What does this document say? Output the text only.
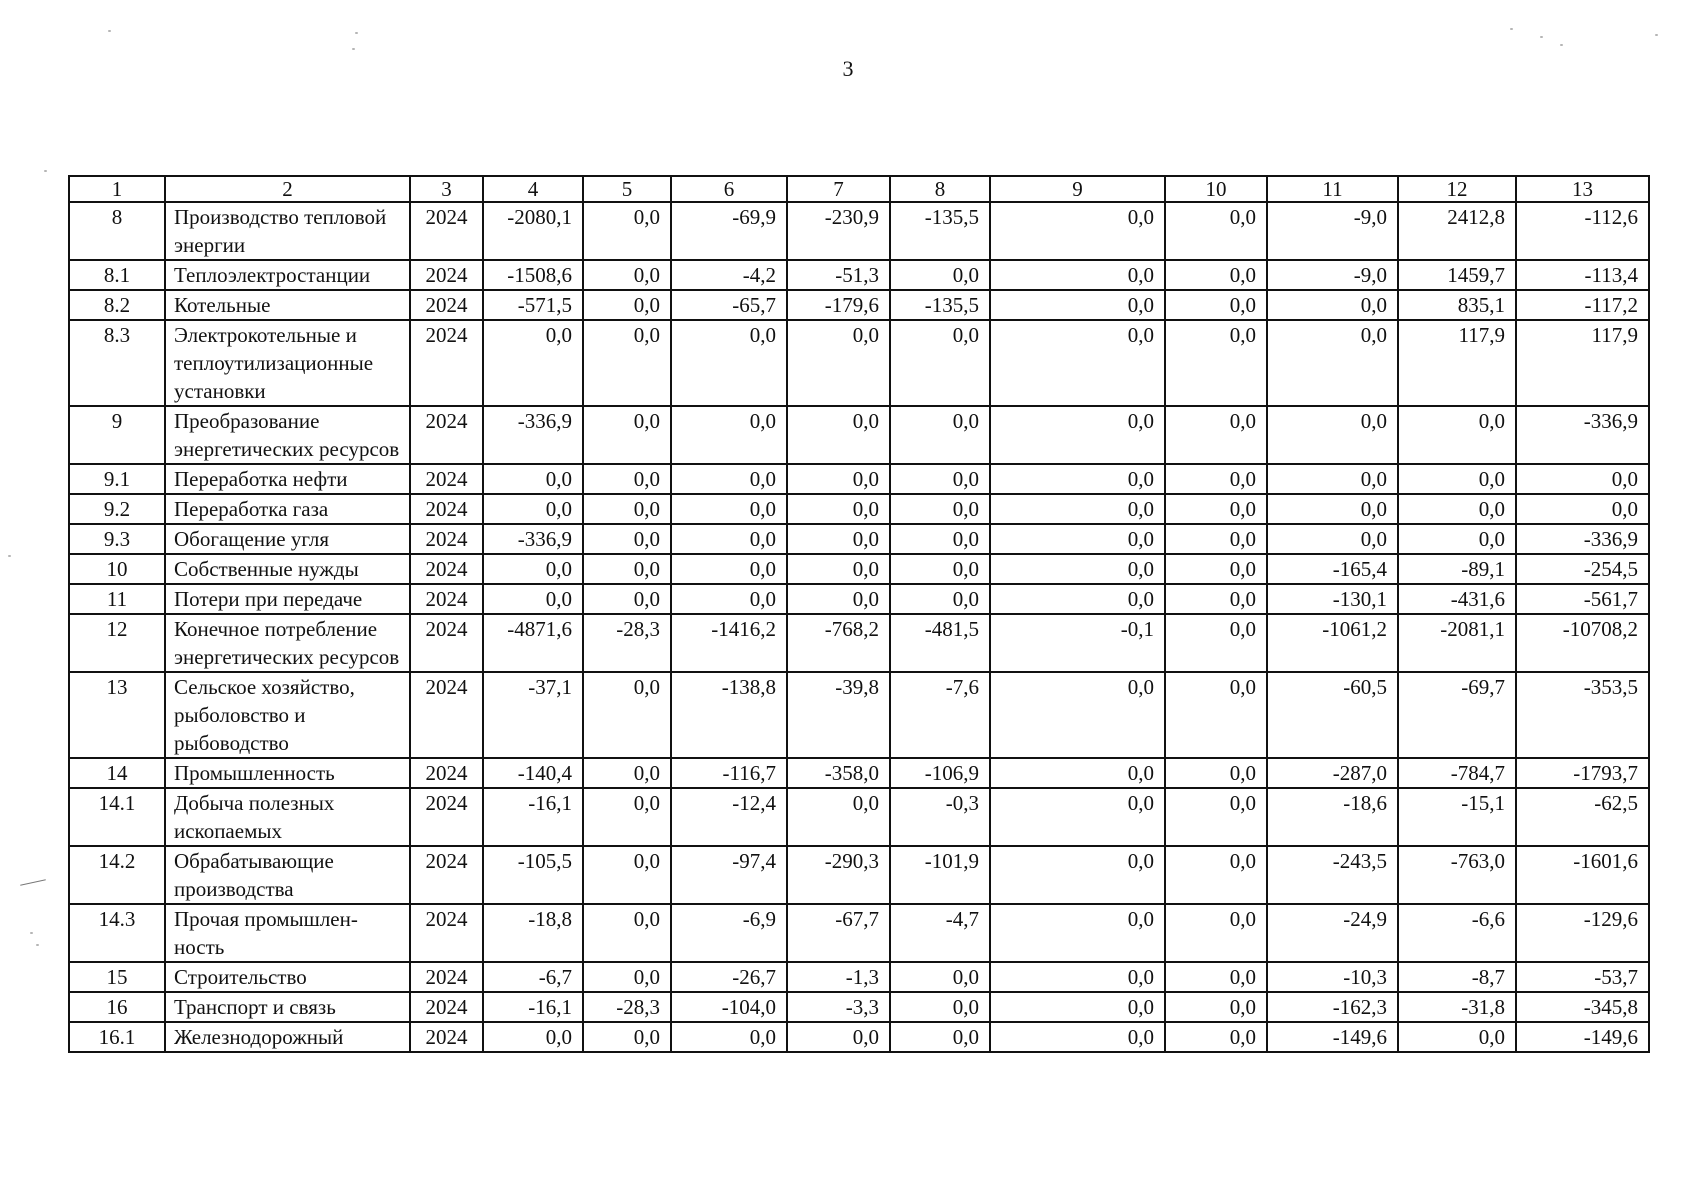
3
1	2	3	4	5	6	7	8	9	10	11	12	13
8	Производство тепловой энергии	2024	-2080,1	0,0	-69,9	-230,9	-135,5	0,0	0,0	-9,0	2412,8	-112,6
8.1	Теплоэлектростанции	2024	-1508,6	0,0	-4,2	-51,3	0,0	0,0	0,0	-9,0	1459,7	-113,4
8.2	Котельные	2024	-571,5	0,0	-65,7	-179,6	-135,5	0,0	0,0	0,0	835,1	-117,2
8.3	Электрокотельные и теплоутилизационные установки	2024	0,0	0,0	0,0	0,0	0,0	0,0	0,0	0,0	117,9	117,9
9	Преобразование энергетических ресурсов	2024	-336,9	0,0	0,0	0,0	0,0	0,0	0,0	0,0	0,0	-336,9
9.1	Переработка нефти	2024	0,0	0,0	0,0	0,0	0,0	0,0	0,0	0,0	0,0	0,0
9.2	Переработка газа	2024	0,0	0,0	0,0	0,0	0,0	0,0	0,0	0,0	0,0	0,0
9.3	Обогащение угля	2024	-336,9	0,0	0,0	0,0	0,0	0,0	0,0	0,0	0,0	-336,9
10	Собственные нужды	2024	0,0	0,0	0,0	0,0	0,0	0,0	0,0	-165,4	-89,1	-254,5
11	Потери при передаче	2024	0,0	0,0	0,0	0,0	0,0	0,0	0,0	-130,1	-431,6	-561,7
12	Конечное потребление энергетических ресурсов	2024	-4871,6	-28,3	-1416,2	-768,2	-481,5	-0,1	0,0	-1061,2	-2081,1	-10708,2
13	Сельское хозяйство, рыболовство и рыбоводство	2024	-37,1	0,0	-138,8	-39,8	-7,6	0,0	0,0	-60,5	-69,7	-353,5
14	Промышленность	2024	-140,4	0,0	-116,7	-358,0	-106,9	0,0	0,0	-287,0	-784,7	-1793,7
14.1	Добыча полезных ископаемых	2024	-16,1	0,0	-12,4	0,0	-0,3	0,0	0,0	-18,6	-15,1	-62,5
14.2	Обрабатывающие производства	2024	-105,5	0,0	-97,4	-290,3	-101,9	0,0	0,0	-243,5	-763,0	-1601,6
14.3	Прочая промышлен-ность	2024	-18,8	0,0	-6,9	-67,7	-4,7	0,0	0,0	-24,9	-6,6	-129,6
15	Строительство	2024	-6,7	0,0	-26,7	-1,3	0,0	0,0	0,0	-10,3	-8,7	-53,7
16	Транспорт и связь	2024	-16,1	-28,3	-104,0	-3,3	0,0	0,0	0,0	-162,3	-31,8	-345,8
16.1	Железнодорожный	2024	0,0	0,0	0,0	0,0	0,0	0,0	0,0	-149,6	0,0	-149,6
